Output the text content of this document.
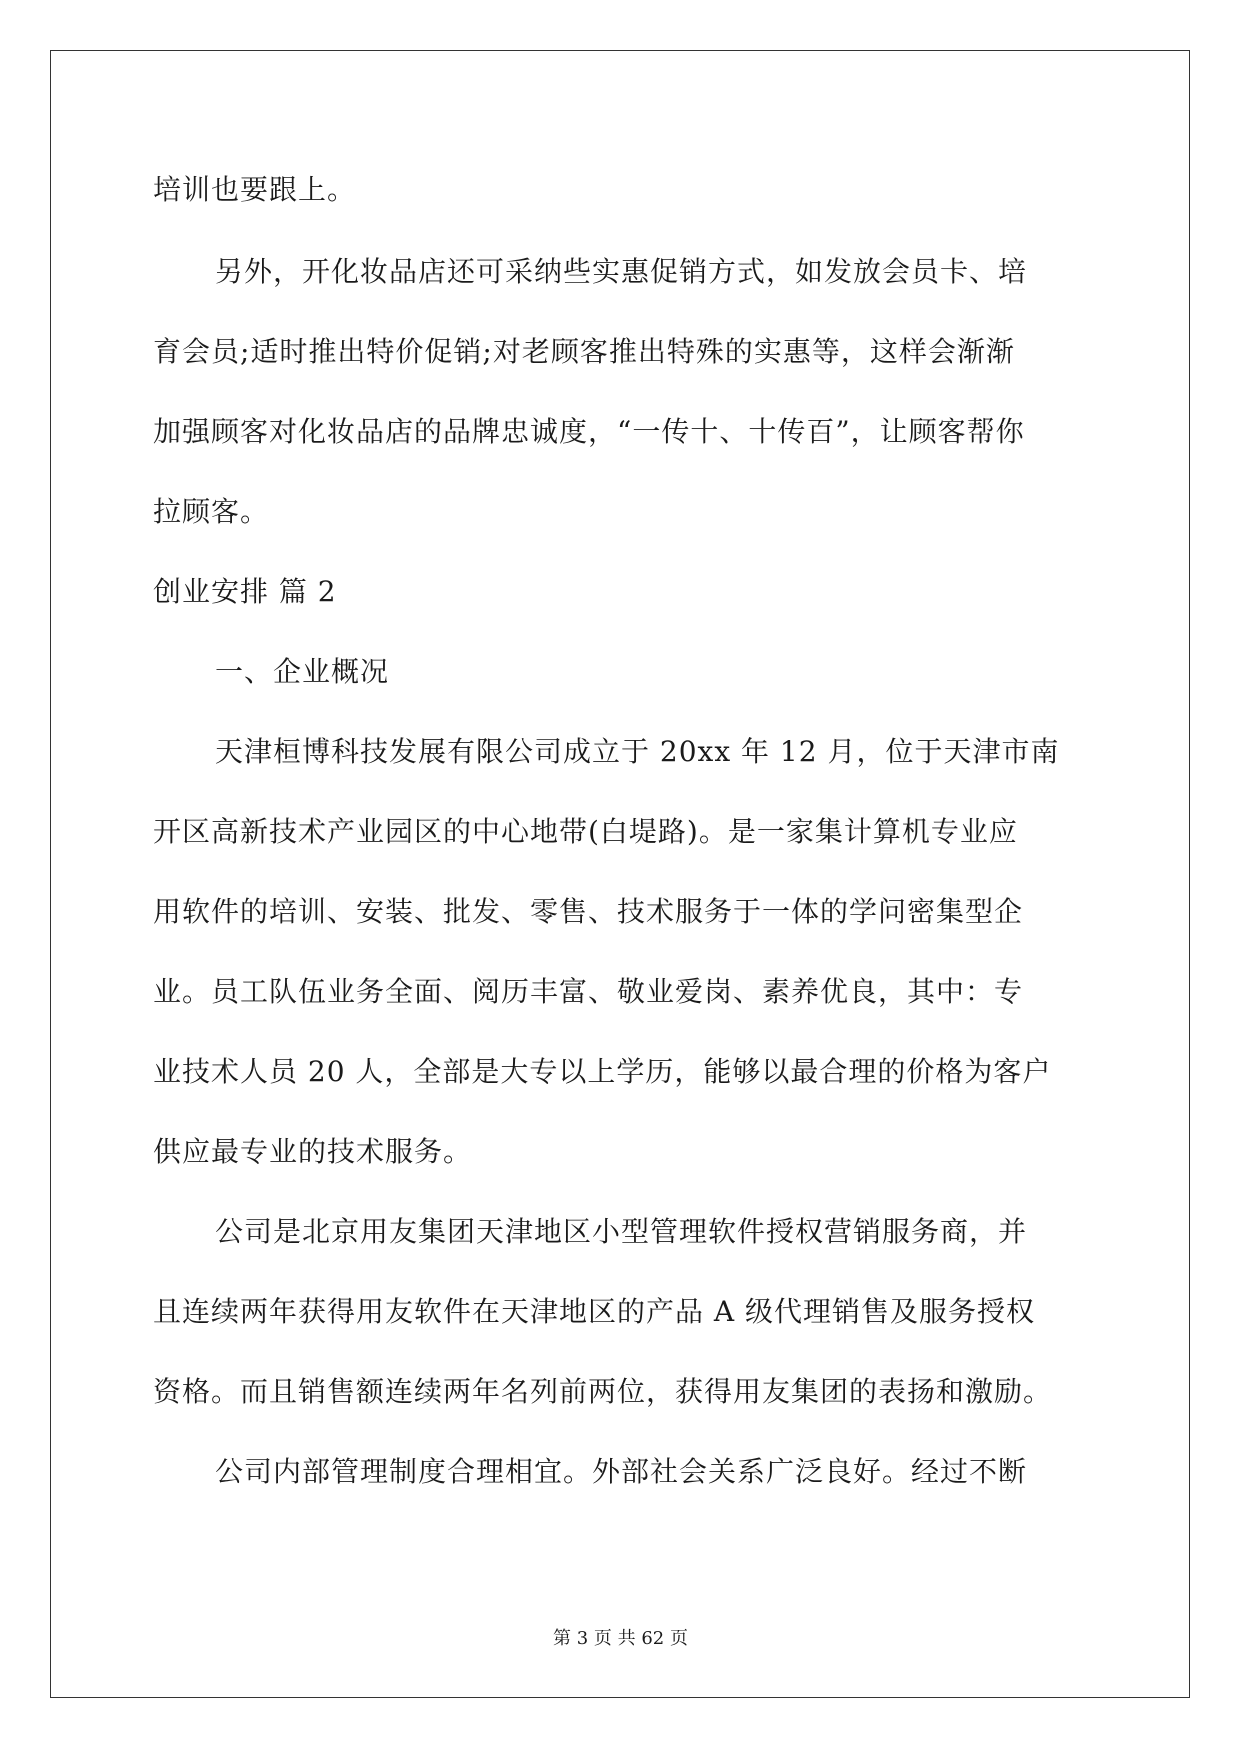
培训也要跟上。
另外，开化妆品店还可采纳些实惠促销方式，如发放会员卡、培
育会员;适时推出特价促销;对老顾客推出特殊的实惠等，这样会渐渐
加强顾客对化妆品店的品牌忠诚度，“一传十、十传百”，让顾客帮你
拉顾客。
创业安排 篇 2
一、企业概况
天津桓博科技发展有限公司成立于 20xx 年 12 月，位于天津市南
开区高新技术产业园区的中心地带(白堤路)。是一家集计算机专业应
用软件的培训、安装、批发、零售、技术服务于一体的学问密集型企
业。员工队伍业务全面、阅历丰富、敬业爱岗、素养优良，其中：专
业技术人员 20 人，全部是大专以上学历，能够以最合理的价格为客户
供应最专业的技术服务。
公司是北京用友集团天津地区小型管理软件授权营销服务商，并
且连续两年获得用友软件在天津地区的产品 A 级代理销售及服务授权
资格。而且销售额连续两年名列前两位，获得用友集团的表扬和激励。
公司内部管理制度合理相宜。外部社会关系广泛良好。经过不断
第 3 页 共 62 页
